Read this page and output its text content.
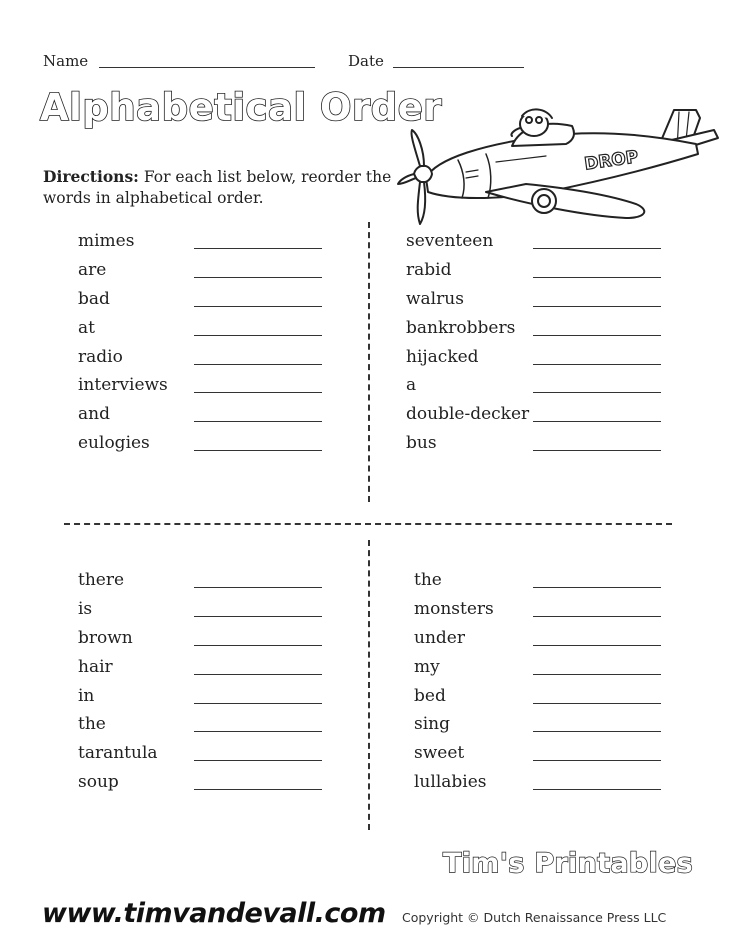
Name	Date
Alphabetical Order
Directions: For each list below, reorder the words in alphabetical order.
DROP
mimes
are
bad
at
radio
interviews
and
eulogies
seventeen
rabid
walrus
bankrobbers
hijacked
a
double-decker
bus
there
is
brown
hair
in
the
tarantula
soup
the
monsters
under
my
bed
sing
sweet
lullabies
Tim's Printables
www.timvandevall.com Copyright © Dutch Renaissance Press LLC
